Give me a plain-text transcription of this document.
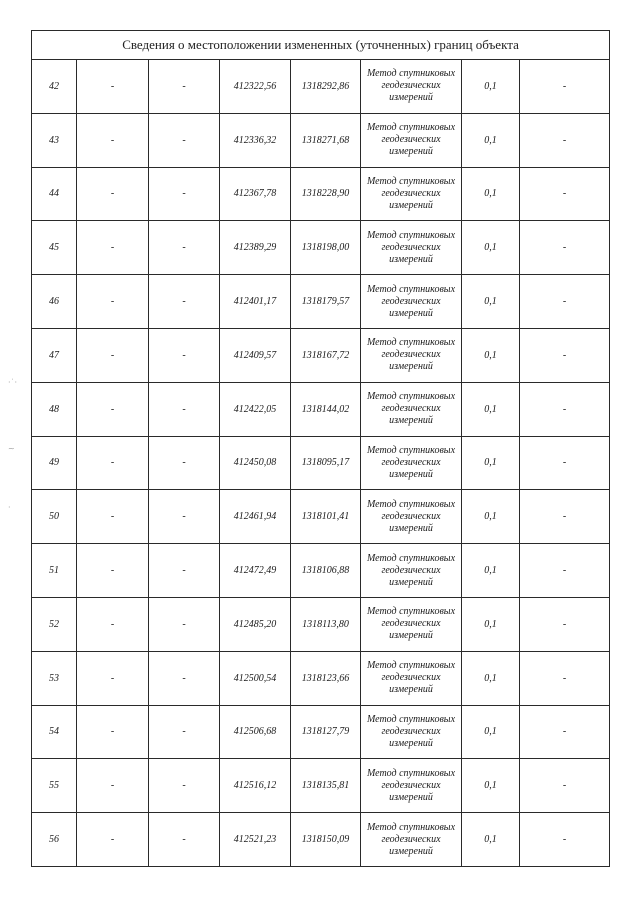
·˙·
~
·
Сведения о местоположении измененных (уточненных) границ объекта							
42	-	-	412322,56	1318292,86	Метод спутниковых геодезических измерений	0,1	-
43	-	-	412336,32	1318271,68	Метод спутниковых геодезических измерений	0,1	-
44	-	-	412367,78	1318228,90	Метод спутниковых геодезических измерений	0,1	-
45	-	-	412389,29	1318198,00	Метод спутниковых геодезических измерений	0,1	-
46	-	-	412401,17	1318179,57	Метод спутниковых геодезических измерений	0,1	-
47	-	-	412409,57	1318167,72	Метод спутниковых геодезических измерений	0,1	-
48	-	-	412422,05	1318144,02	Метод спутниковых геодезических измерений	0,1	-
49	-	-	412450,08	1318095,17	Метод спутниковых геодезических измерений	0,1	-
50	-	-	412461,94	1318101,41	Метод спутниковых геодезических измерений	0,1	-
51	-	-	412472,49	1318106,88	Метод спутниковых геодезических измерений	0,1	-
52	-	-	412485,20	1318113,80	Метод спутниковых геодезических измерений	0,1	-
53	-	-	412500,54	1318123,66	Метод спутниковых геодезических измерений	0,1	-
54	-	-	412506,68	1318127,79	Метод спутниковых геодезических измерений	0,1	-
55	-	-	412516,12	1318135,81	Метод спутниковых геодезических измерений	0,1	-
56	-	-	412521,23	1318150,09	Метод спутниковых геодезических измерений	0,1	-
